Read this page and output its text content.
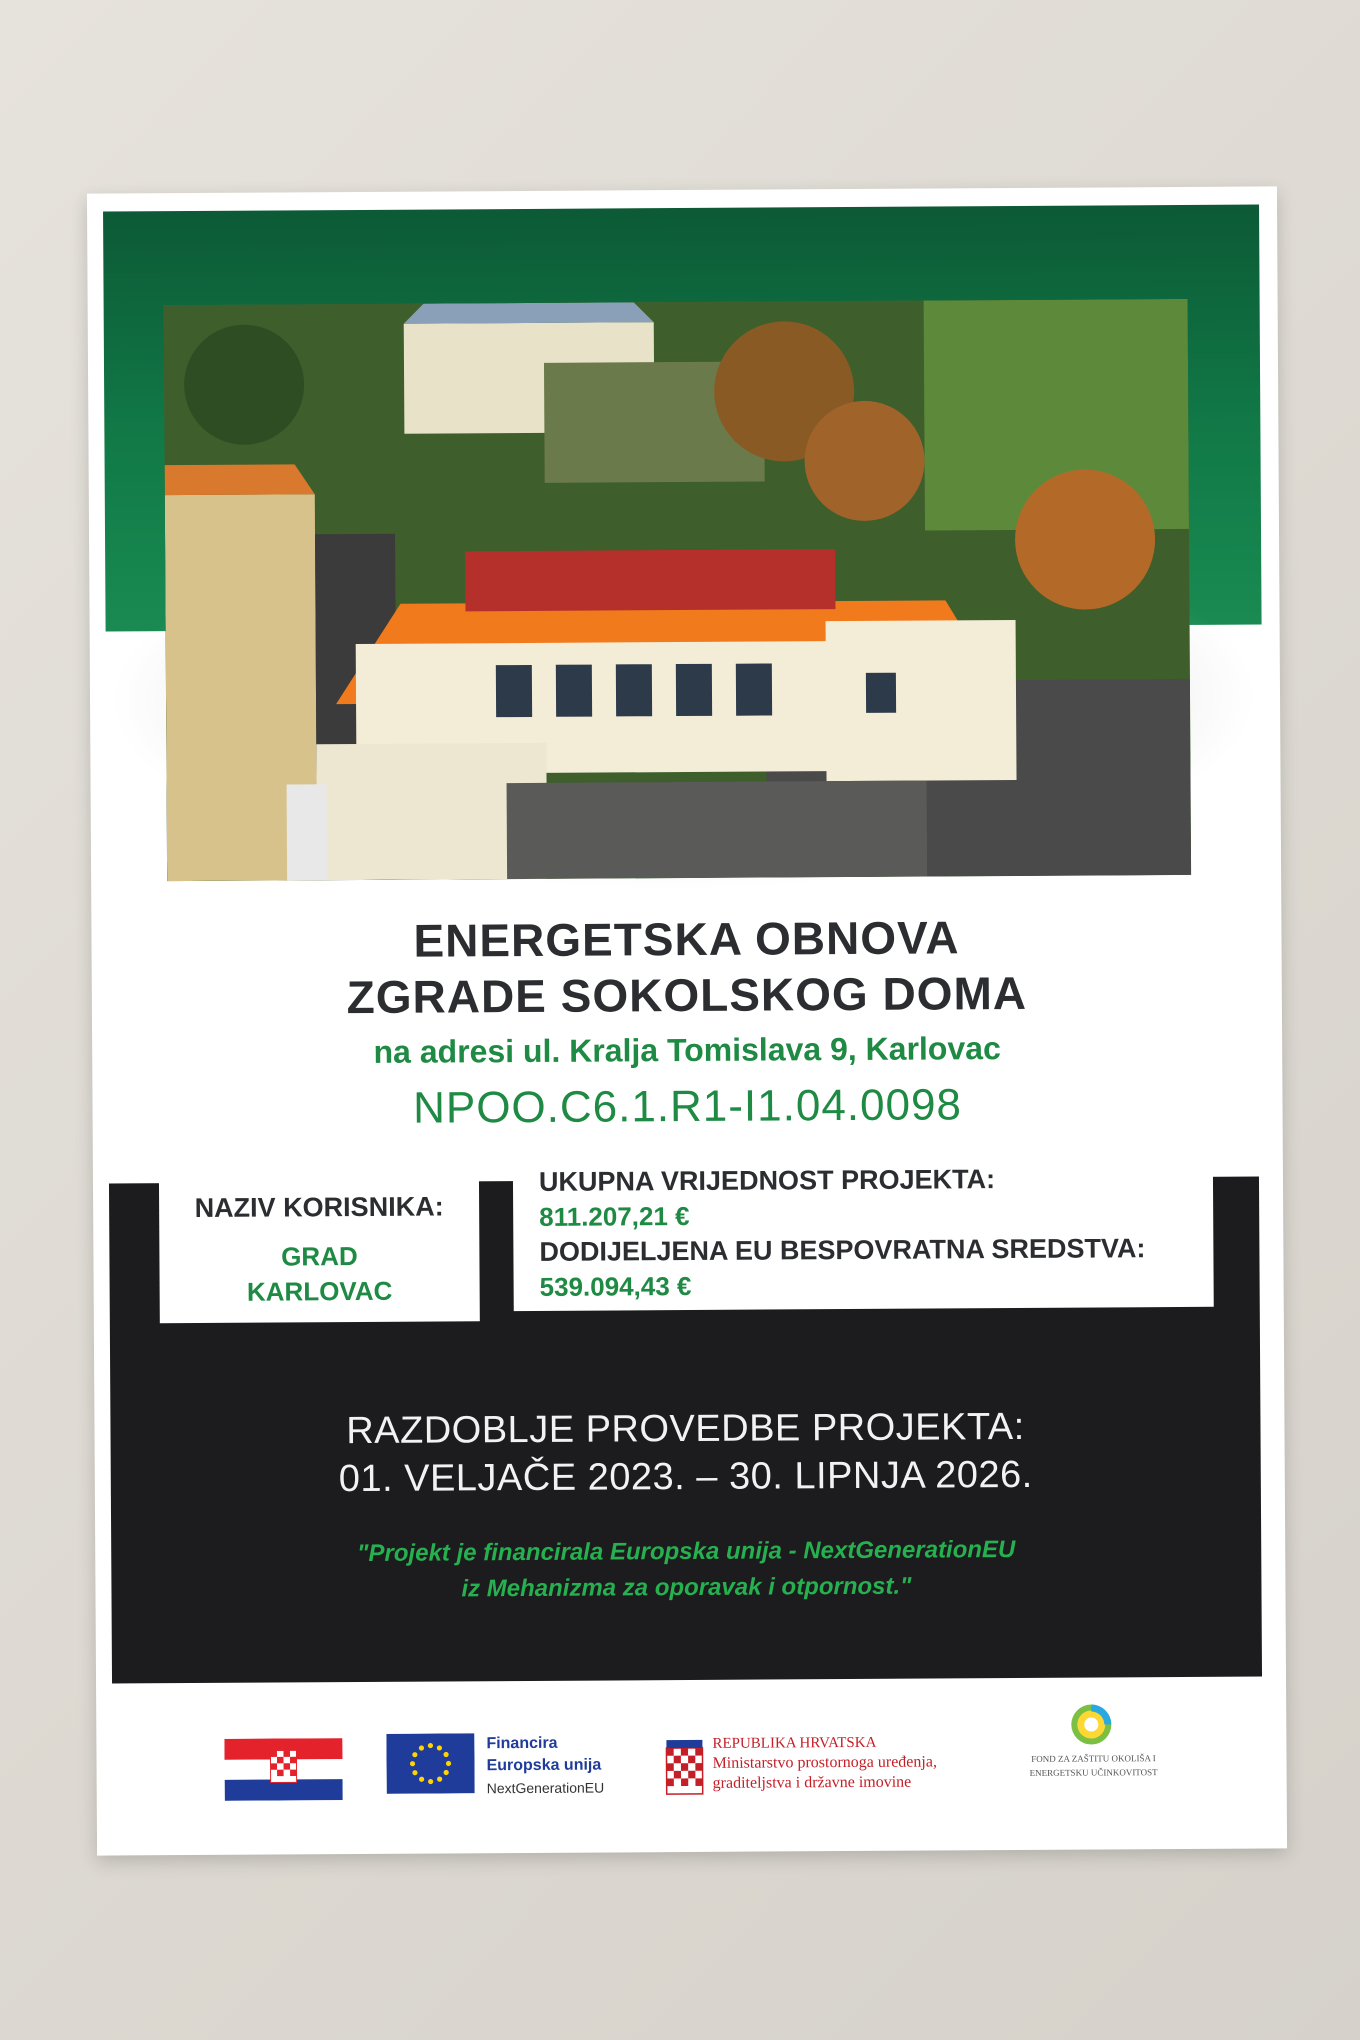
ENERGETSKA OBNOVA
ZGRADE SOKOLSKOG DOMA
na adresi ul. Kralja Tomislava 9, Karlovac
NPOO.C6.1.R1-I1.04.0098
NAZIV KORISNIKA:
GRAD
KARLOVAC
UKUPNA VRIJEDNOST PROJEKTA:
811.207,21 €
DODIJELJENA EU BESPOVRATNA SREDSTVA:
539.094,43 €
RAZDOBLJE PROVEDBE PROJEKTA:
01. VELJAČE 2023. – 30. LIPNJA 2026.
"Projekt je financirala Europska unija - NextGenerationEU
iz Mehanizma za oporavak i otpornost."
Financira
Europska unija
NextGenerationEU
REPUBLIKA HRVATSKA
Ministarstvo prostornoga uređenja,
graditeljstva i državne imovine
FOND ZA ZAŠTITU OKOLIŠA I
ENERGETSKU UČINKOVITOST
